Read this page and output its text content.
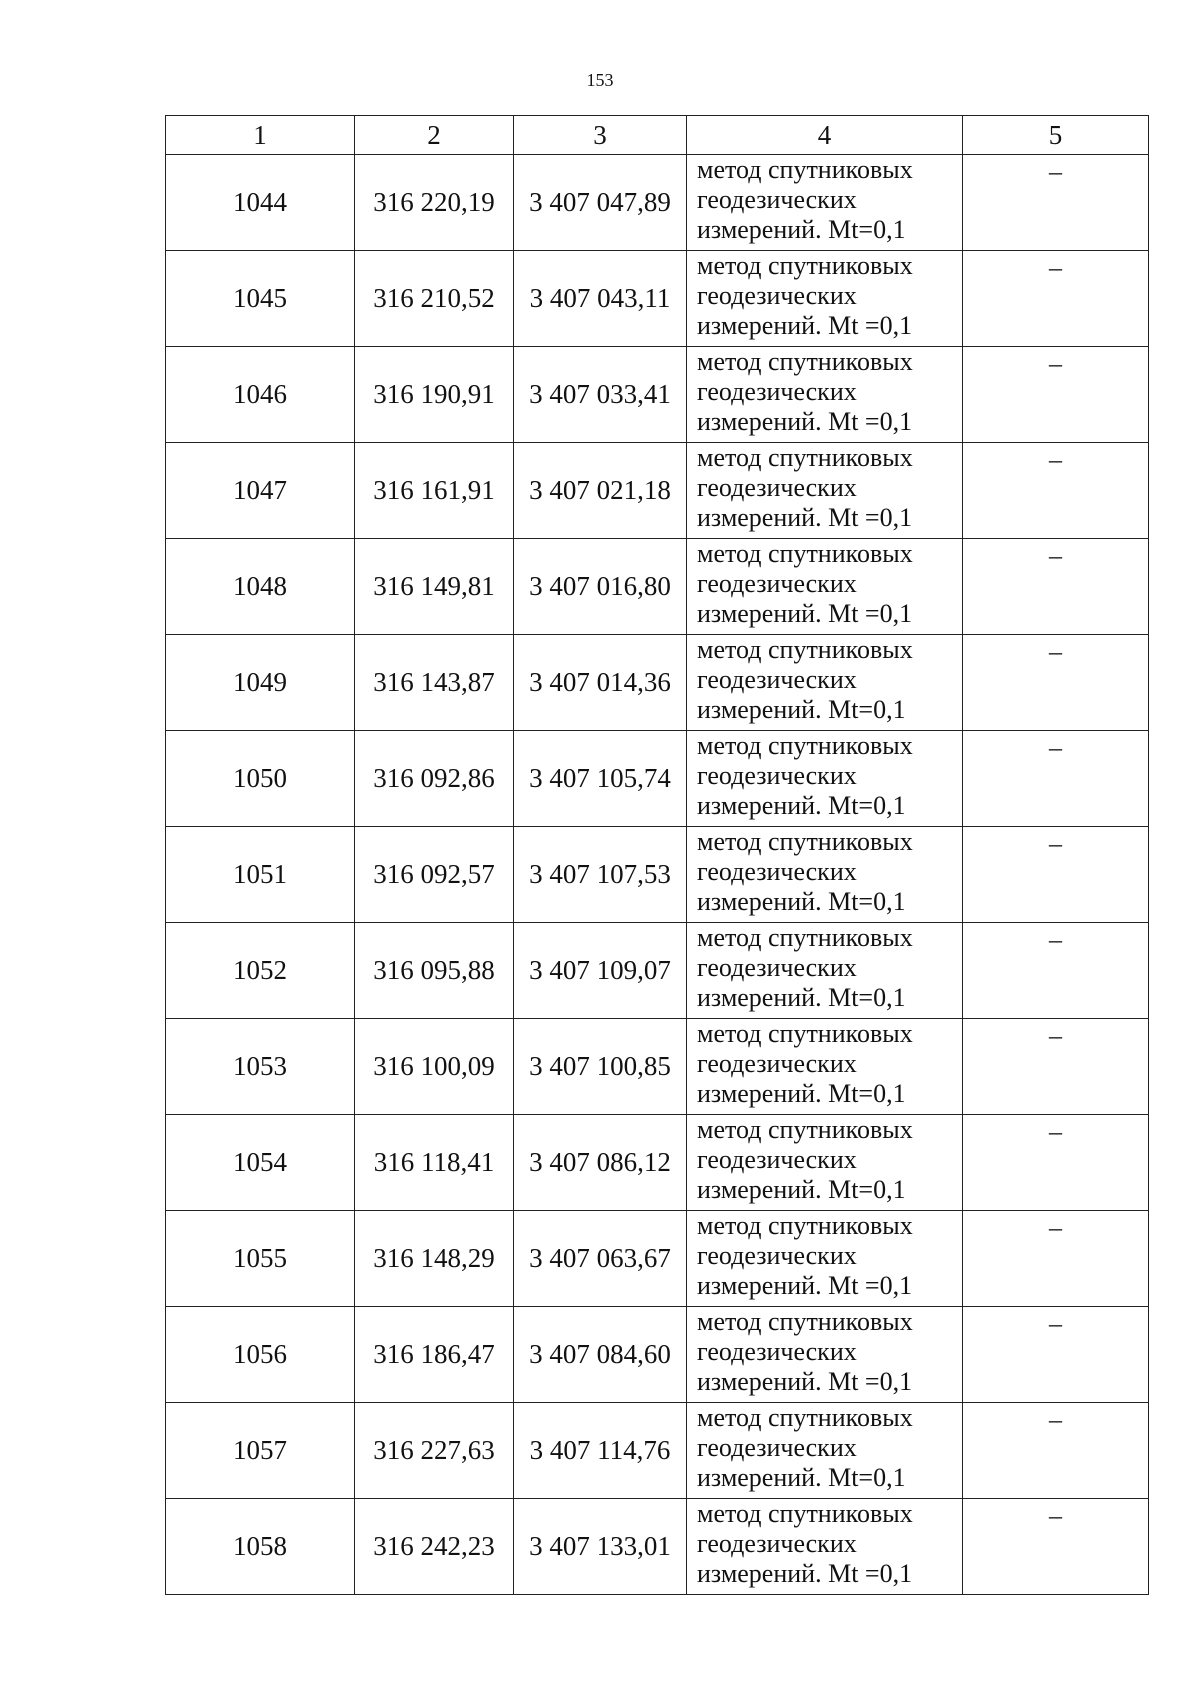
153
1	2	3	4	5
1044	316 220,19	3 407 047,89	метод спутниковых
геодезических
измерений. Mt=0,1	–
1045	316 210,52	3 407 043,11	метод спутниковых
геодезических
измерений. Mt =0,1	–
1046	316 190,91	3 407 033,41	метод спутниковых
геодезических
измерений. Mt =0,1	–
1047	316 161,91	3 407 021,18	метод спутниковых
геодезических
измерений. Mt =0,1	–
1048	316 149,81	3 407 016,80	метод спутниковых
геодезических
измерений. Mt =0,1	–
1049	316 143,87	3 407 014,36	метод спутниковых
геодезических
измерений. Mt=0,1	–
1050	316 092,86	3 407 105,74	метод спутниковых
геодезических
измерений. Mt=0,1	–
1051	316 092,57	3 407 107,53	метод спутниковых
геодезических
измерений. Mt=0,1	–
1052	316 095,88	3 407 109,07	метод спутниковых
геодезических
измерений. Mt=0,1	–
1053	316 100,09	3 407 100,85	метод спутниковых
геодезических
измерений. Mt=0,1	–
1054	316 118,41	3 407 086,12	метод спутниковых
геодезических
измерений. Mt=0,1	–
1055	316 148,29	3 407 063,67	метод спутниковых
геодезических
измерений. Mt =0,1	–
1056	316 186,47	3 407 084,60	метод спутниковых
геодезических
измерений. Mt =0,1	–
1057	316 227,63	3 407 114,76	метод спутниковых
геодезических
измерений. Mt=0,1	–
1058	316 242,23	3 407 133,01	метод спутниковых
геодезических
измерений. Mt =0,1	–
